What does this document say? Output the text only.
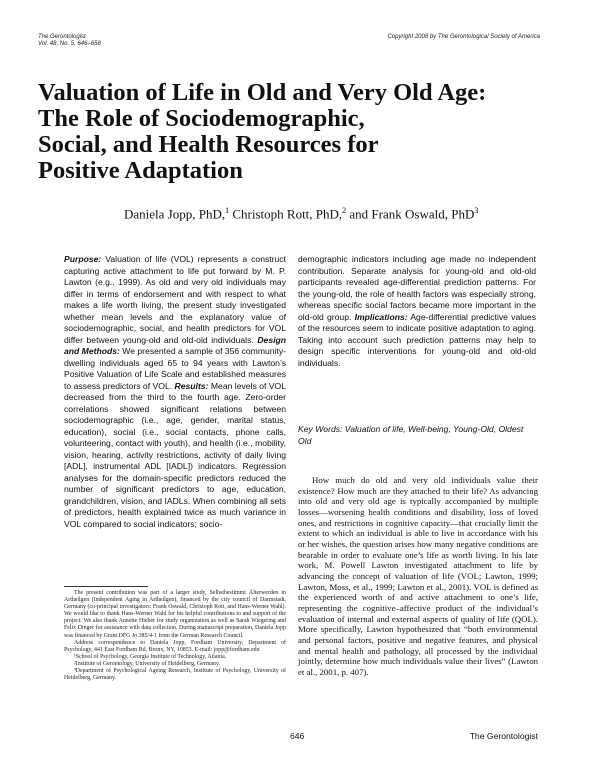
The Gerontologist
Vol. 48, No. 5, 646–658
Copyright 2008 by The Gerontological Society of America
Valuation of Life in Old and Very Old Age:
The Role of Sociodemographic,
Social, and Health Resources for
Positive Adaptation
Daniela Jopp, PhD,$^1$ Christoph Rott, PhD,$^2$ and Frank Oswald, PhD$^3$
Purpose: Valuation of life (VOL) represents a construct capturing active attachment to life put forward by M. P. Lawton (e.g., 1999). As old and very old individuals may differ in terms of endorsement and with respect to what makes a life worth living, the present study investigated whether mean levels and the explanatory value of sociodemographic, social, and health predictors for VOL differ between young-old and old-old individuals. Design and Methods: We presented a sample of 356 community-dwelling individuals aged 65 to 94 years with Lawton’s Positive Valuation of Life Scale and established measures to assess predictors of VOL. Results: Mean levels of VOL decreased from the third to the fourth age. Zero-order correlations showed significant relations between sociodemographic (i.e., age, gender, marital status, education), social (i.e., social contacts, phone calls, volunteering, contact with youth), and health (i.e., mobility, vision, hearing, activity restrictions, activity of daily living [ADL], instrumental ADL [IADL]) indicators. Regression analyses for the domain-specific predictors reduced the number of significant predictors to age, education, grandchildren, vision, and IADLs. When combining all sets of predictors, health explained twice as much variance in VOL compared to social indicators; socio-
demographic indicators including age made no independent contribution. Separate analysis for young-old and old-old participants revealed age-differential prediction patterns. For the young-old, the role of health factors was especially strong, whereas specific social factors became more important in the old-old group. Implications: Age-differential predictive values of the resources seem to indicate positive adaptation to aging. Taking into account such prediction patterns may help to design specific interventions for young-old and old-old individuals.
Key Words: Valuation of life, Well-being, Young-Old, Oldest Old
How much do old and very old individuals value their existence? How much are they attached to their life? As advancing into old and very old age is typically accompanied by multiple losses—worsening health conditions and disability, loss of loved ones, and restrictions in cognitive capacity—that crucially limit the extent to which an individual is able to live in accordance with his or her wishes, the question arises how many negative conditions are bearable in order to evaluate one’s life as worth living. In his late work, M. Powell Lawton investigated attachment to life by advancing the concept of valuation of life (VOL; Lawton, 1999; Lawton, Moss, et al., 1999; Lawton et al., 2001). VOL is defined as the experienced worth of and active attachment to one’s life, representing the cognitive–affective product of the individual’s evaluation of internal and external aspects of quality of life (QOL). More specifically, Lawton hypothesized that “both environmental and personal factors, positive and negative features, and physical and mental health and pathology, all processed by the individual jointly, determine how much individuals value their lives” (Lawton et al., 2001, p. 407).

The present contribution was part of a larger study, Selbstbestimmt Älterwerden in Artheilgen (Independent Aging in Artheilgen), financed by the city council of Darmstadt, Germany (co-principal investigators: Frank Oswald, Christoph Rott, and Hans-Werner Wahl). We would like to thank Hans-Werner Wahl for his helpful contributions to and support of the project. We also thank Annette Hieber for study organization as well as Sarah Wiegering and Felix Dinger for assistance with data collection. During manuscript preparation, Daniela Jopp was financed by Grant DFG Jo 385/4-1 from the German Research Council.

Address correspondence to Daniela Jopp, Fordham University, Department of Psychology, 441 East Fordham Rd, Bronx, NY, 10853. E-mail: jopp@fordham.edu

¹School of Psychology, Georgia Institute of Technology, Atlanta.

²Institute of Gerontology, University of Heidelberg, Germany.

³Department of Psychological Ageing Research, Institute of Psychology, University of Heidelberg, Germany.

646	The Gerontologist
